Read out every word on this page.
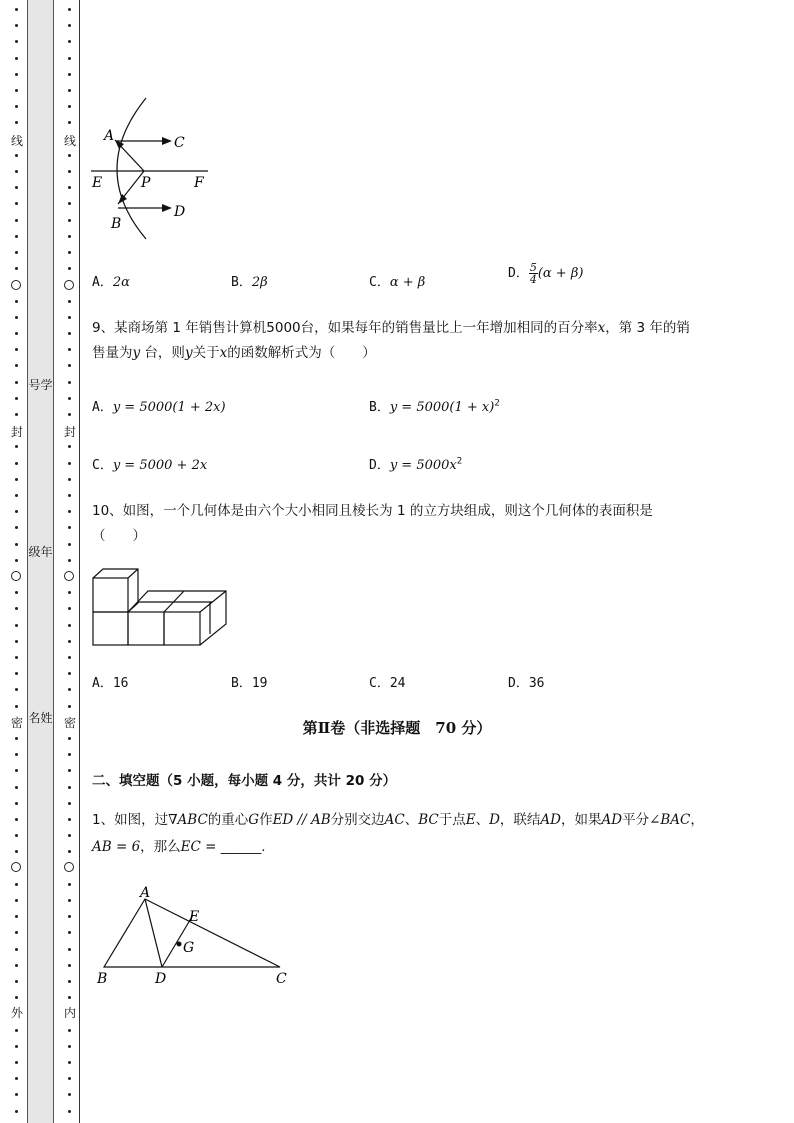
线
封
密
外
号学
级年
名姓
线
封
密
内
A	C
E	P	F
B
D
A．2α	B．2β	C．α + β
D． $\frac{5}{4} (\alpha + \beta)$
9、某商场第 1 年销售计算机5000台，如果每年的销售量比上一年增加相同的百分率x，第 3 年的销
售量为y 台，则y关于x的函数解析式为（　　）
A．y = 5000(1 + 2x)	B．$y = 5000(1 + x)^2$
C．y = 5000 + 2x	D．$y = 5000x^2$
10、如图，一个几何体是由六个大小相同且棱长为 1 的立方块组成，则这个几何体的表面积是
（　　）
A．16	B．19	C．24	D．36
第Ⅱ卷（非选择题　70 分）
二、填空题（5 小题，每小题 4 分，共计 20 分）
1、如图，过∇ABC的重心G作ED // AB分别交边AC、BC于点E、D，联结AD，如果AD平分∠BAC，
AB = 6，那么EC = ______.
A
E
G
B	D	C
